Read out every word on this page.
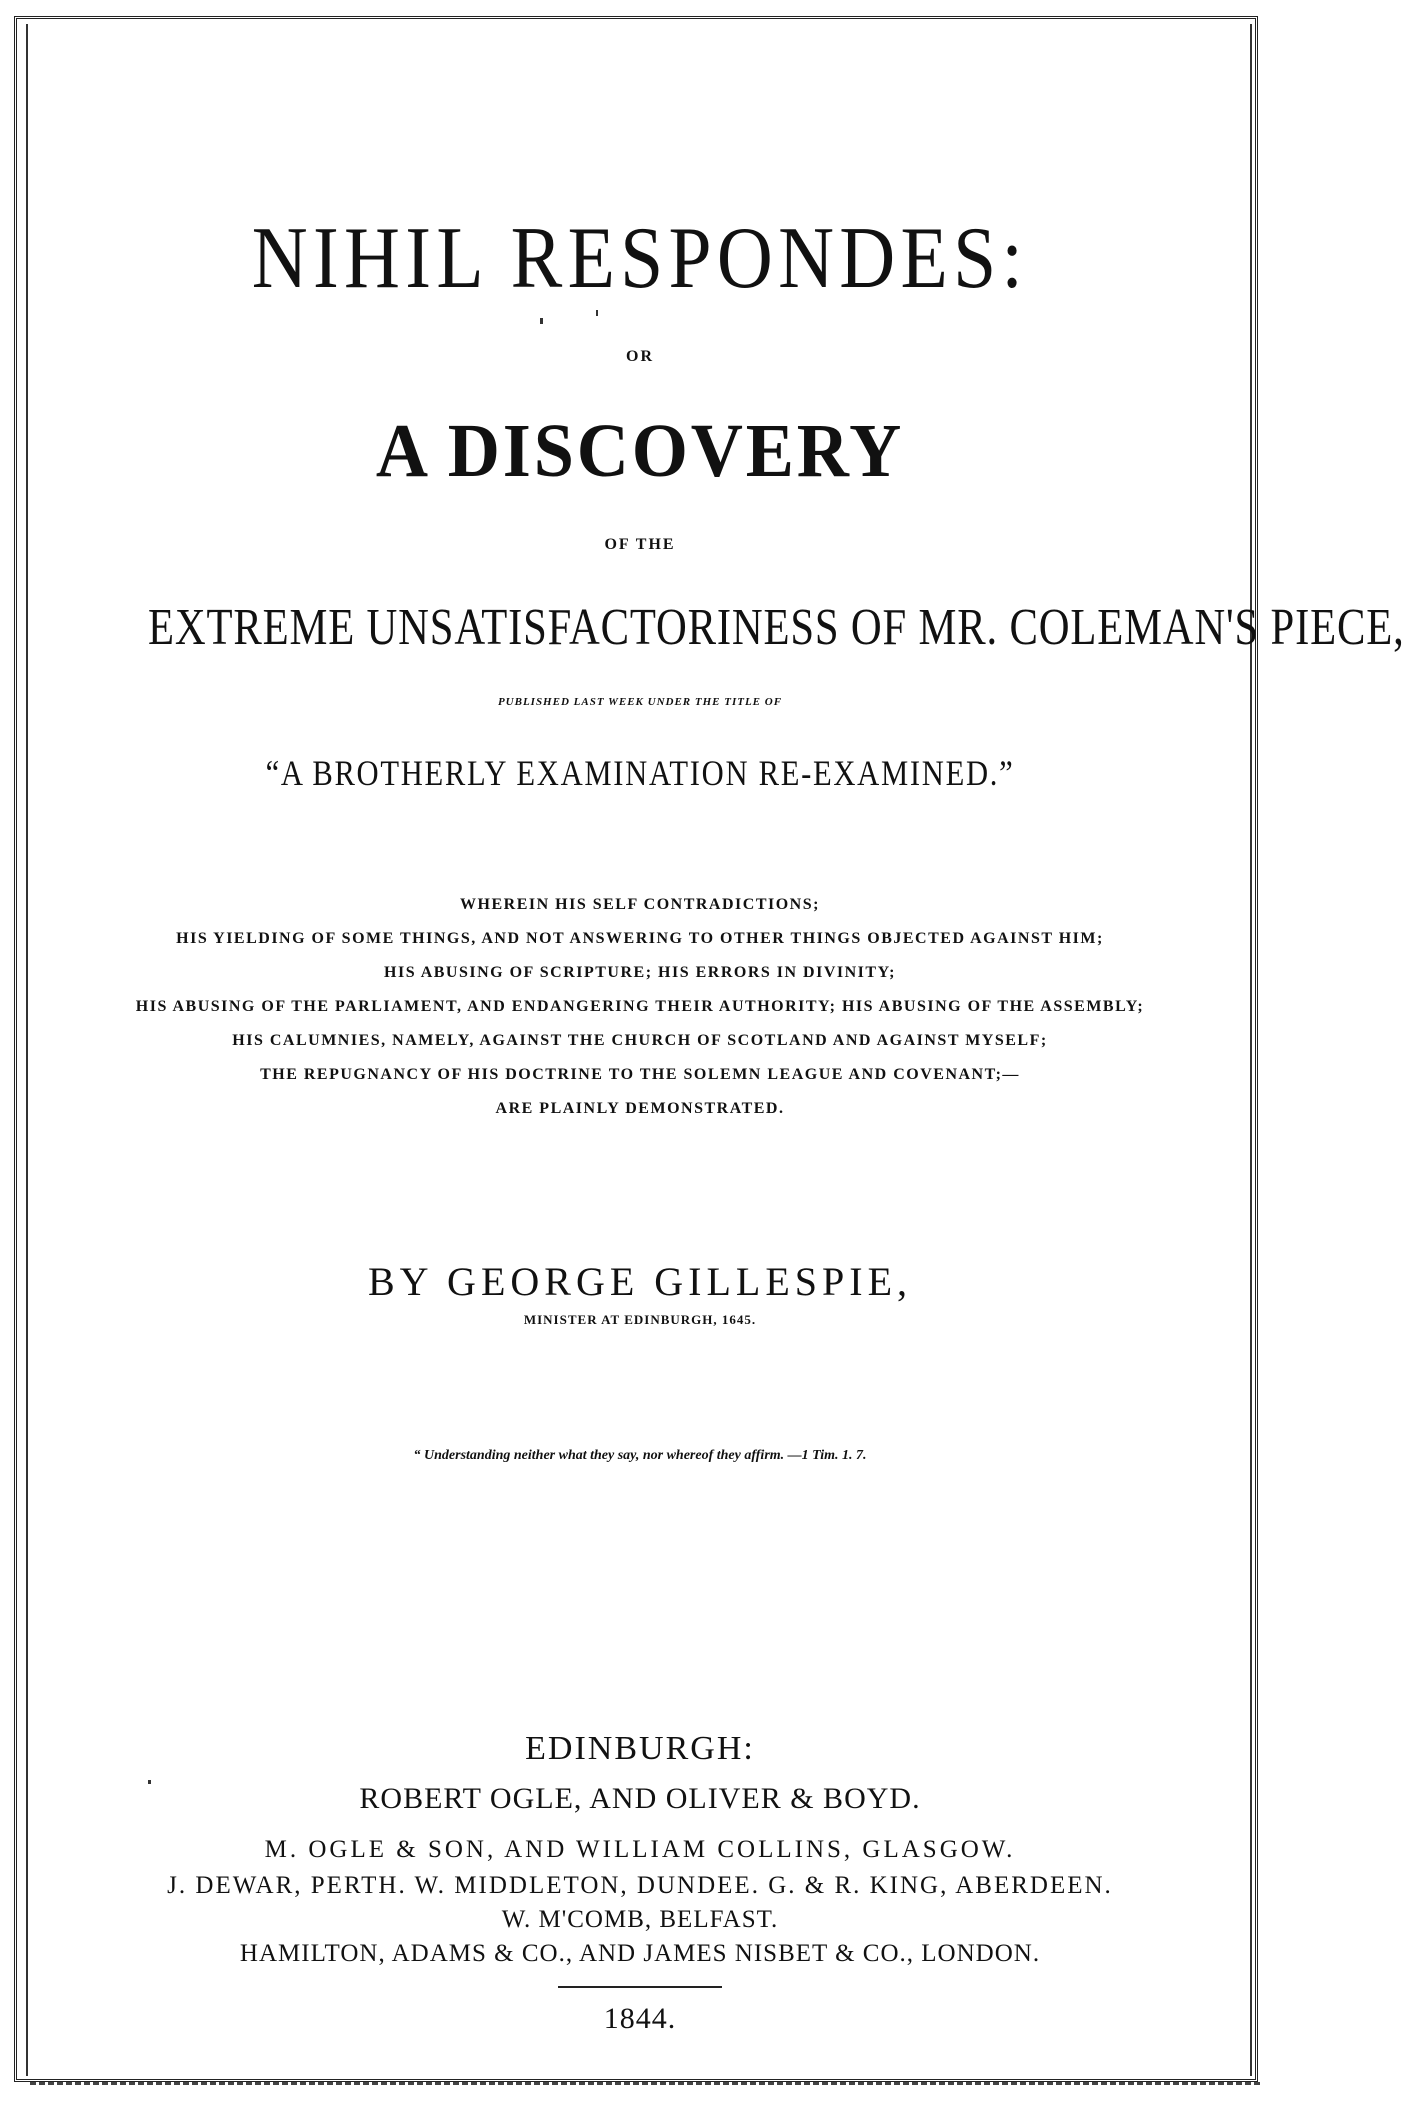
NIHIL RESPONDES:
OR
A DISCOVERY
OF THE
EXTREME UNSATISFACTORINESS OF MR. COLEMAN'S PIECE,
PUBLISHED LAST WEEK UNDER THE TITLE OF
“A BROTHERLY EXAMINATION RE-EXAMINED.”
WHEREIN HIS SELF CONTRADICTIONS;
HIS YIELDING OF SOME THINGS, AND NOT ANSWERING TO OTHER THINGS OBJECTED AGAINST HIM;
HIS ABUSING OF SCRIPTURE; HIS ERRORS IN DIVINITY;
HIS ABUSING OF THE PARLIAMENT, AND ENDANGERING THEIR AUTHORITY; HIS ABUSING OF THE ASSEMBLY;
HIS CALUMNIES, NAMELY, AGAINST THE CHURCH OF SCOTLAND AND AGAINST MYSELF;
THE REPUGNANCY OF HIS DOCTRINE TO THE SOLEMN LEAGUE AND COVENANT;—
ARE PLAINLY DEMONSTRATED.
BY GEORGE GILLESPIE,
MINISTER AT EDINBURGH, 1645.
“ Understanding neither what they say, nor whereof they affirm. —1 Tim. 1. 7.
EDINBURGH:
ROBERT OGLE, AND OLIVER & BOYD.
M. OGLE & SON, AND WILLIAM COLLINS, GLASGOW.
J. DEWAR, PERTH. W. MIDDLETON, DUNDEE. G. & R. KING, ABERDEEN.
W. M'COMB, BELFAST.
HAMILTON, ADAMS & CO., AND JAMES NISBET & CO., LONDON.
1844.
